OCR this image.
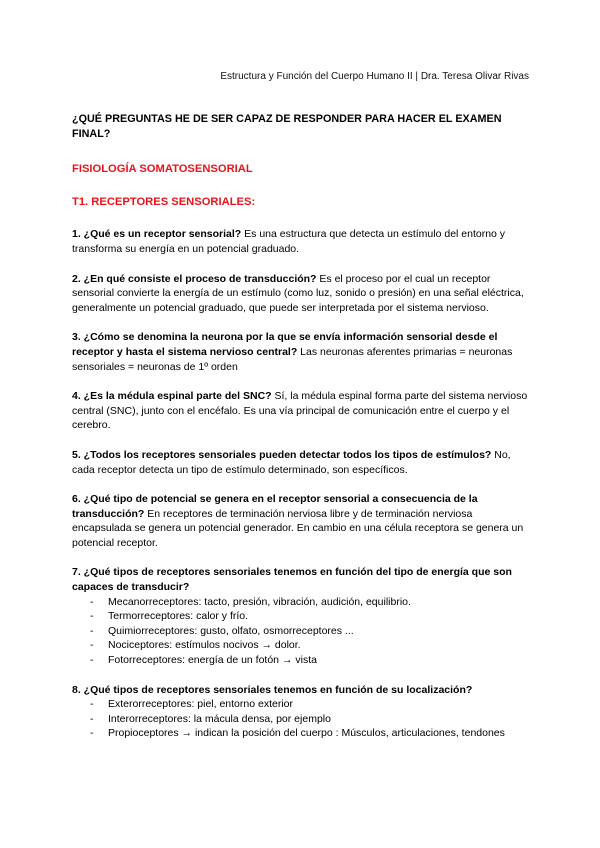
Estructura y Función del Cuerpo Humano II | Dra. Teresa Olivar Rivas
¿QUÉ PREGUNTAS HE DE SER CAPAZ DE RESPONDER PARA HACER EL EXAMEN FINAL?
FISIOLOGÍA SOMATOSENSORIAL
T1. RECEPTORES SENSORIALES:
1. ¿Qué es un receptor sensorial? Es una estructura que detecta un estímulo del entorno y transforma su energía en un potencial graduado.
2. ¿En qué consiste el proceso de transducción? Es el proceso por el cual un receptor sensorial convierte la energía de un estímulo (como luz, sonido o presión) en una señal eléctrica, generalmente un potencial graduado, que puede ser interpretada por el sistema nervioso.
3. ¿Cómo se denomina la neurona por la que se envía información sensorial desde el receptor y hasta el sistema nervioso central? Las neuronas aferentes primarias = neuronas sensoriales = neuronas de 1º orden
4. ¿Es la médula espinal parte del SNC? Sí, la médula espinal forma parte del sistema nervioso central (SNC), junto con el encéfalo. Es una vía principal de comunicación entre el cuerpo y el cerebro.
5. ¿Todos los receptores sensoriales pueden detectar todos los tipos de estímulos? No, cada receptor detecta un tipo de estímulo determinado, son específicos.
6. ¿Qué tipo de potencial se genera en el receptor sensorial a consecuencia de la transducción? En receptores de terminación nerviosa libre y de terminación nerviosa encapsulada se genera un potencial generador. En cambio en una célula receptora se genera un potencial receptor.
7. ¿Qué tipos de receptores sensoriales tenemos en función del tipo de energía que son capaces de transducir?
- Mecanorreceptores: tacto, presión, vibración, audición, equilibrio.
- Termorreceptores: calor y frío.
- Quimiorreceptores: gusto, olfato, osmorreceptores ...
- Nociceptores: estímulos nocivos → dolor.
- Fotorreceptores: energía de un fotón → vista
8. ¿Qué tipos de receptores sensoriales tenemos en función de su localización?
- Exterorreceptores: piel, entorno exterior
- Interorreceptores: la mácula densa, por ejemplo
- Propioceptores → indican la posición del cuerpo : Músculos, articulaciones, tendones
